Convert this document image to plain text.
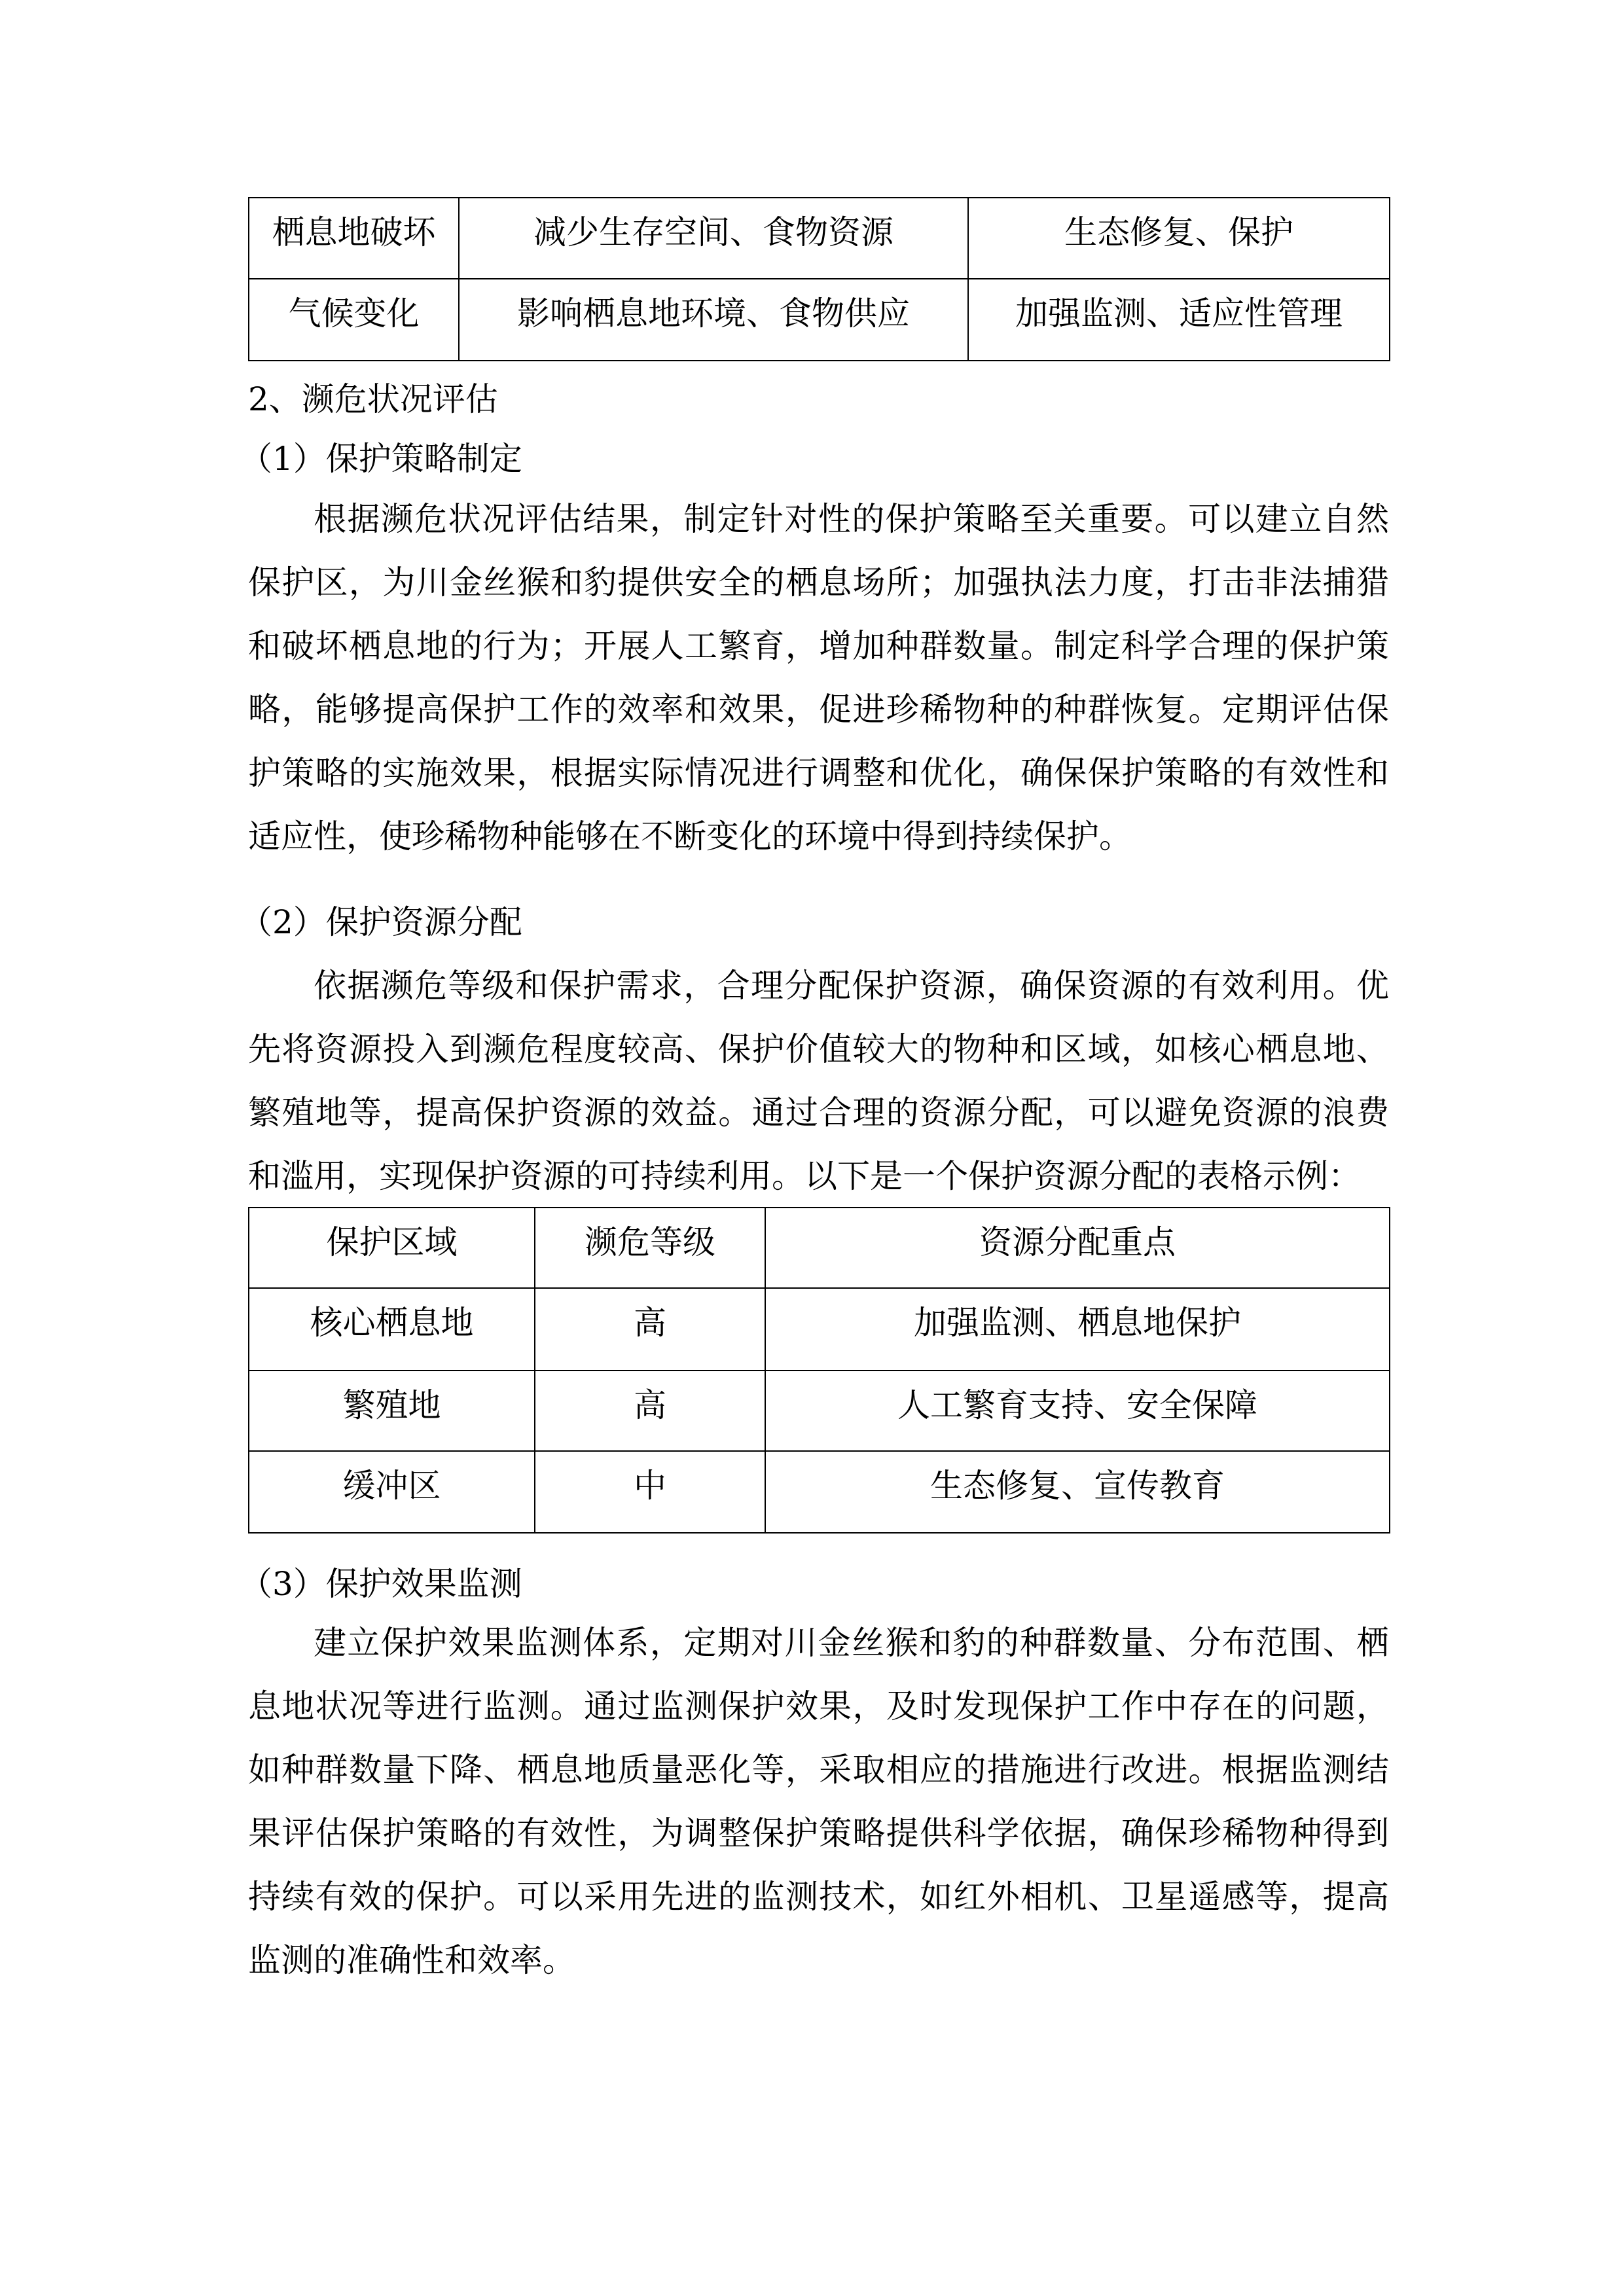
栖息地破坏	减少生存空间、食物资源	生态修复、保护
气候变化	影响栖息地环境、食物供应	加强监测、适应性管理
2、濒危状况评估
（1）保护策略制定
根据濒危状况评估结果，制定针对性的保护策略至关重要。可以建立自然保护区，为川金丝猴和豹提供安全的栖息场所；加强执法力度，打击非法捕猎和破坏栖息地的行为；开展人工繁育，增加种群数量。制定科学合理的保护策略，能够提高保护工作的效率和效果，促进珍稀物种的种群恢复。定期评估保护策略的实施效果，根据实际情况进行调整和优化，确保保护策略的有效性和适应性，使珍稀物种能够在不断变化的环境中得到持续保护。
（2）保护资源分配
依据濒危等级和保护需求，合理分配保护资源，确保资源的有效利用。优先将资源投入到濒危程度较高、保护价值较大的物种和区域，如核心栖息地、繁殖地等，提高保护资源的效益。通过合理的资源分配，可以避免资源的浪费和滥用，实现保护资源的可持续利用。以下是一个保护资源分配的表格示例：
保护区域	濒危等级	资源分配重点
核心栖息地	高	加强监测、栖息地保护
繁殖地	高	人工繁育支持、安全保障
缓冲区	中	生态修复、宣传教育
（3）保护效果监测
建立保护效果监测体系，定期对川金丝猴和豹的种群数量、分布范围、栖息地状况等进行监测。通过监测保护效果，及时发现保护工作中存在的问题，如种群数量下降、栖息地质量恶化等，采取相应的措施进行改进。根据监测结果评估保护策略的有效性，为调整保护策略提供科学依据，确保珍稀物种得到持续有效的保护。可以采用先进的监测技术，如红外相机、卫星遥感等，提高监测的准确性和效率。
